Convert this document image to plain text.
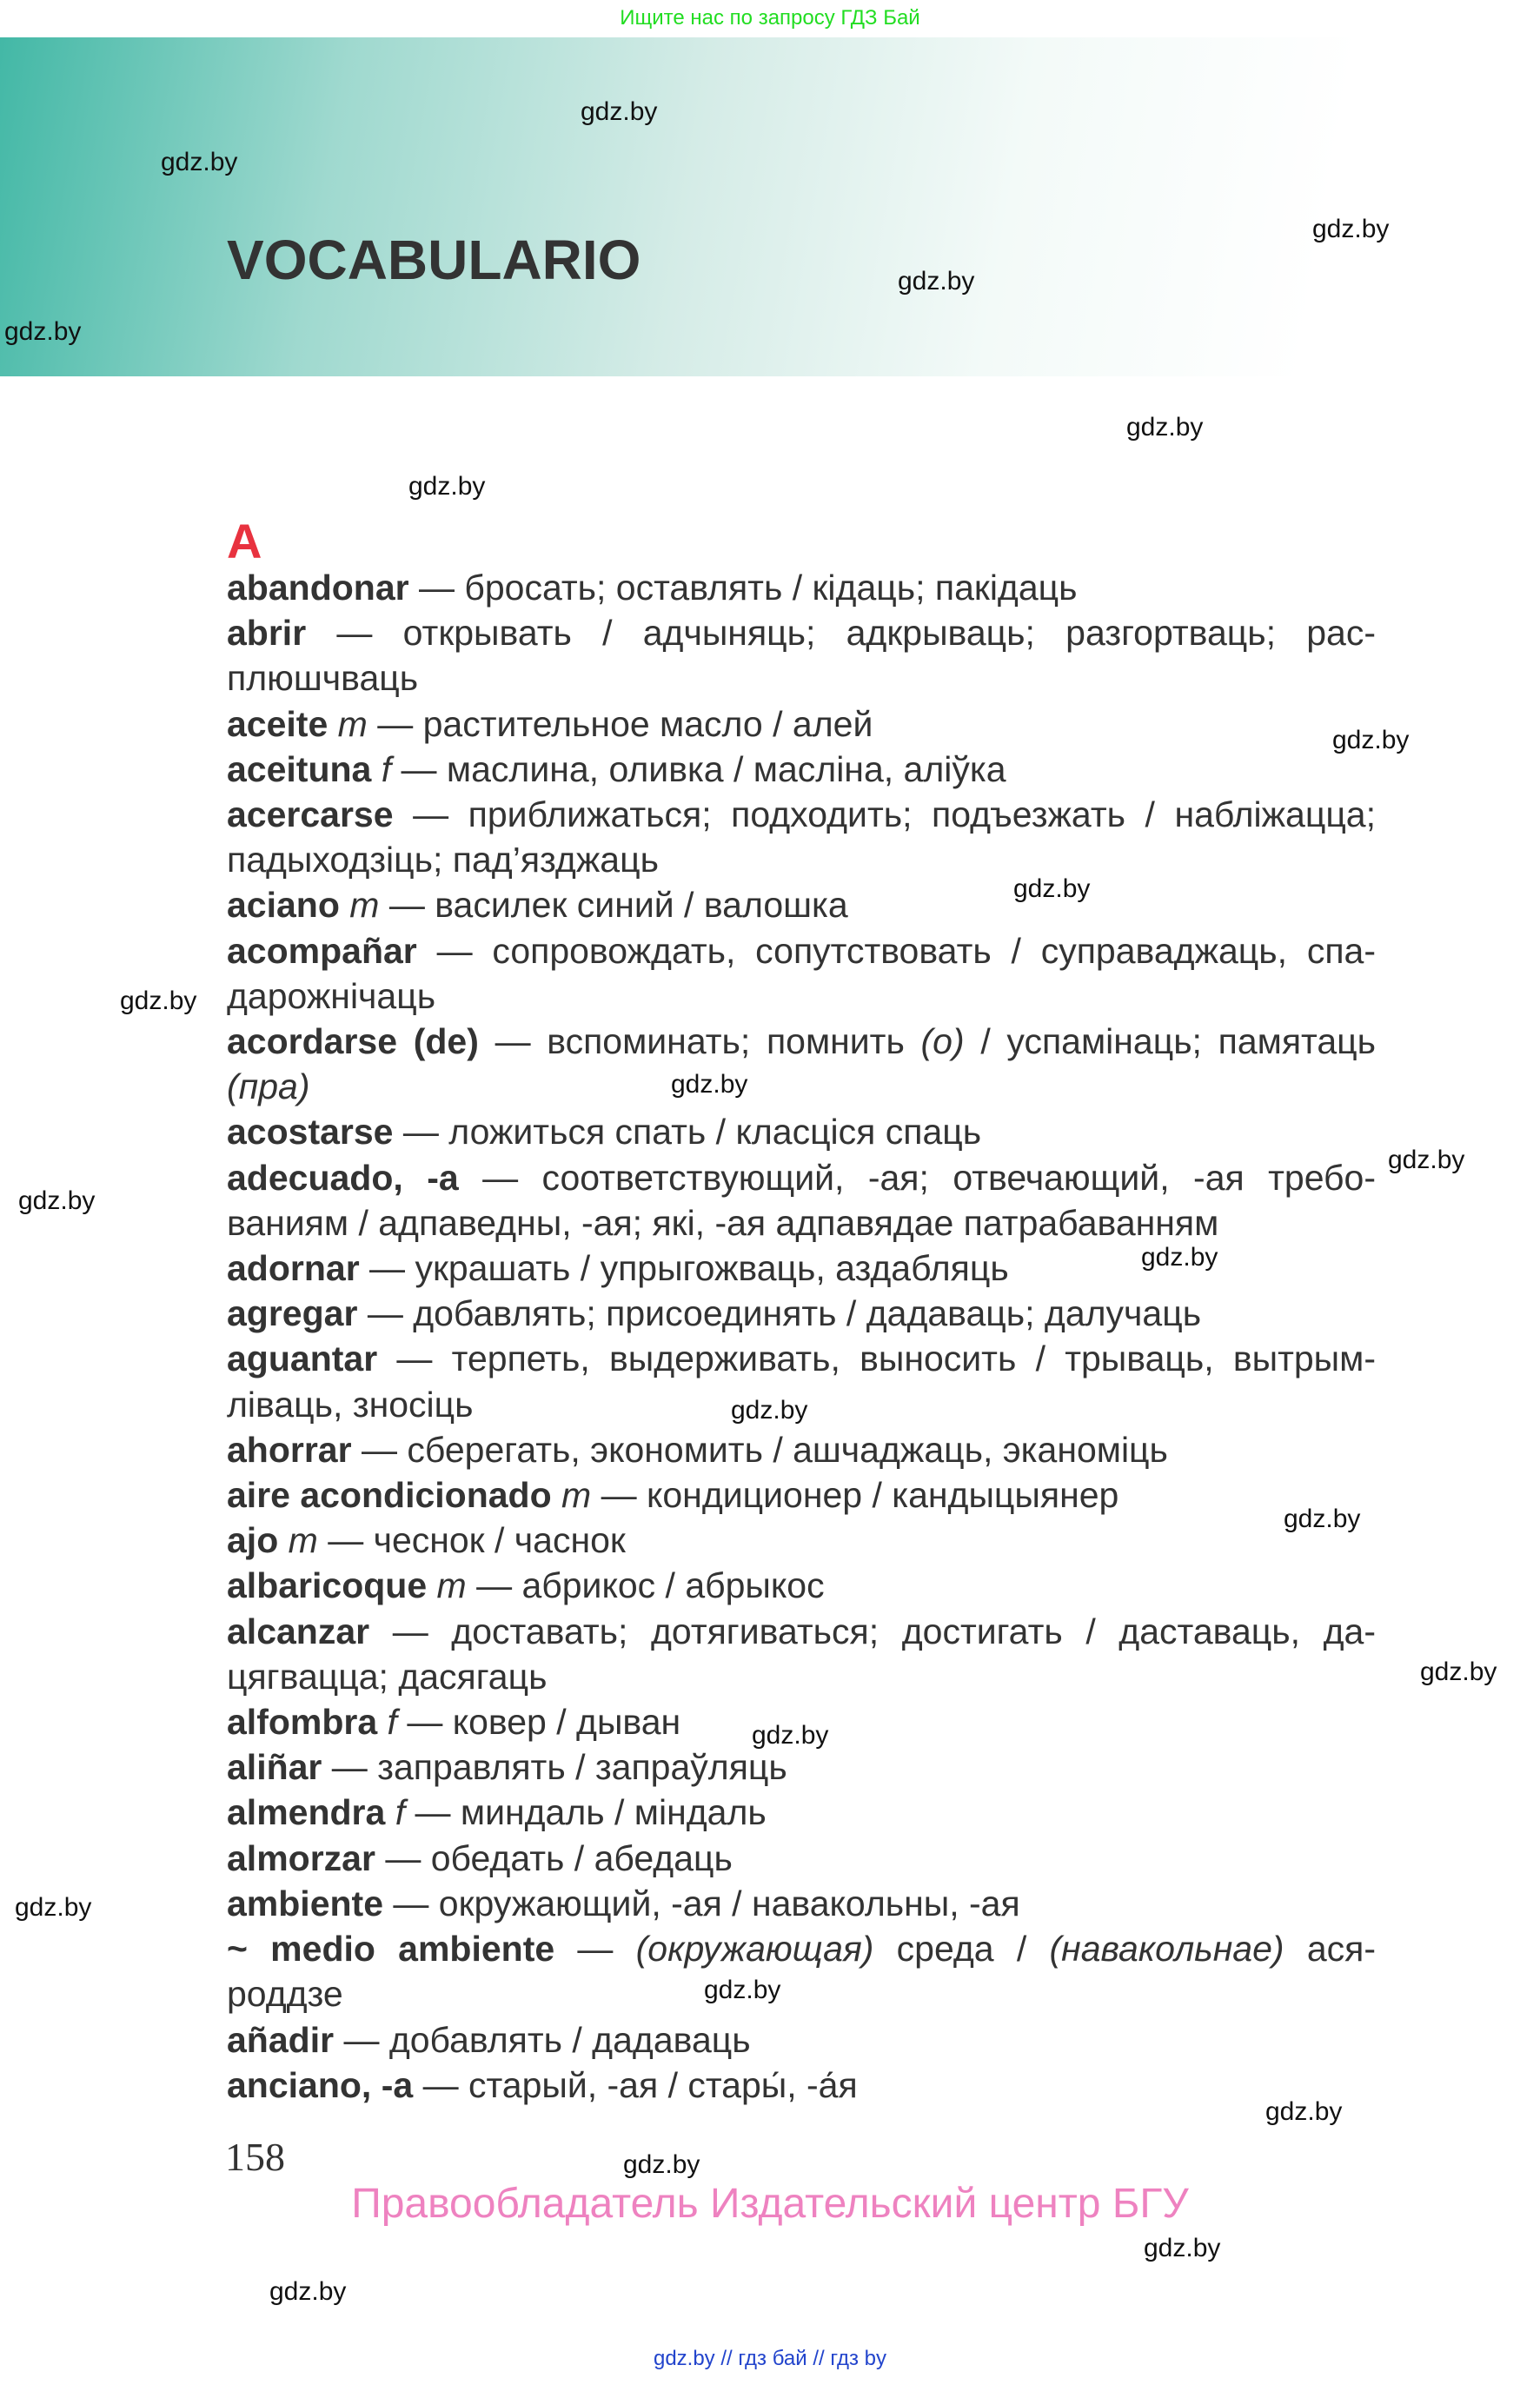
Ищите нас по запросу ГДЗ Бай
VOCABULARIO
A
abandonar — бросать; оставлять / кідаць; пакідаць
abrir — открывать / адчыняць; адкрываць; разгортваць; расплюшчваць
aceite m — растительное масло / алей
aceituna f — маслина, оливка / масліна, аліўка
acercarse — приближаться; подходить; подъезжать / набліжацца; падыходзіць; пад’язджаць
aciano m — василек синий / валошка
acompañar — сопровождать, сопутствовать / суправаджаць, спадарожнічаць
acordarse (de) — вспоминать; помнить (о) / успамінаць; памятаць (пра)
acostarse — ложиться спать / класціся спаць
adecuado, -a — соответствующий, -ая; отвечающий, -ая требованиям / адпаведны, -ая; які, -ая адпавядае патрабаванням
adornar — украшать / упрыгожваць, аздабляць
agregar — добавлять; присоединять / дадаваць; далучаць
aguantar — терпеть, выдерживать, выносить / трываць, вытрымліваць, зносіць
ahorrar — сберегать, экономить / ашчаджаць, эканоміць
aire acondicionado m — кондиционер / кандыцыянер
ajo m — чеснок / часнок
albaricoque m — абрикос / абрыкос
alcanzar — доставать; дотягиваться; достигать / даставаць, дацягвацца; дасягаць
alfombra f — ковер / дыван
aliñar — заправлять / запраўляць
almendra f — миндаль / міндаль
almorzar — обедать / абедаць
ambiente — окружающий, -ая / навакольны, -ая
~ medio ambiente — (окружающая) среда / (навакольнае) асяроддзе
añadir — добавлять / дадаваць
anciano, -a — старый, -ая / стары́, -а́я
158
Правообладатель Издательский центр БГУ
gdz.by // гдз бай // гдз by
gdz.by
gdz.by
gdz.by
gdz.by
gdz.by
gdz.by
gdz.by
gdz.by
gdz.by
gdz.by
gdz.by
gdz.by
gdz.by
gdz.by
gdz.by
gdz.by
gdz.by
gdz.by
gdz.by
gdz.by
gdz.by
gdz.by
gdz.by
gdz.by
